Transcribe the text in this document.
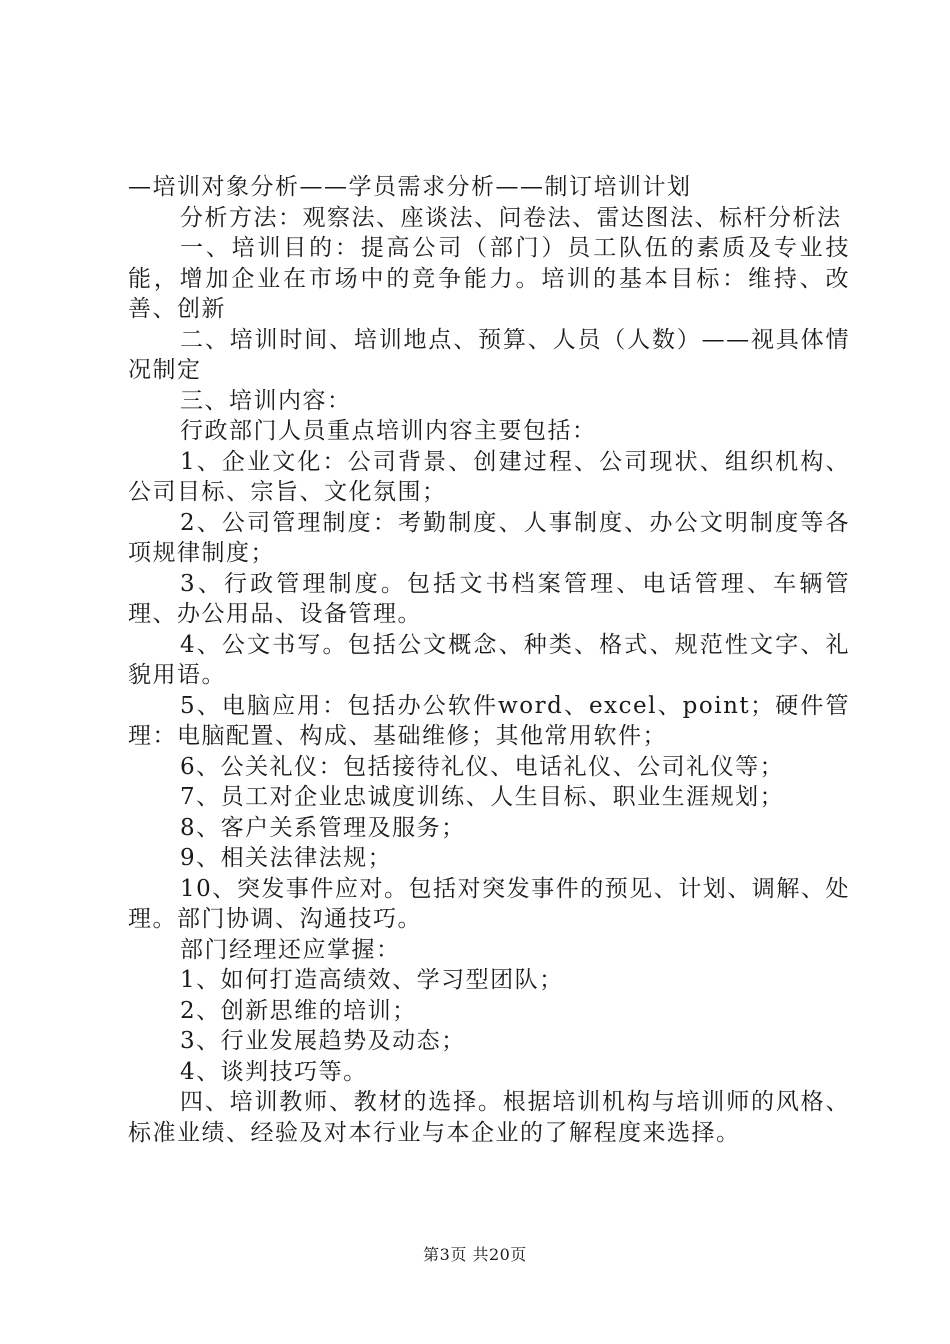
—培训对象分析——学员需求分析——制订培训计划

分析方法：观察法、座谈法、问卷法、雷达图法、标杆分析法

一、培训目的：提高公司（部门）员工队伍的素质及专业技能，增加企业在市场中的竞争能力。培训的基本目标：维持、改善、创新

二、培训时间、培训地点、预算、人员（人数）——视具体情况制定

三、培训内容：

行政部门人员重点培训内容主要包括：

1、企业文化：公司背景、创建过程、公司现状、组织机构、公司目标、宗旨、文化氛围；

2、公司管理制度：考勤制度、人事制度、办公文明制度等各项规律制度；

3、行政管理制度。包括文书档案管理、电话管理、车辆管理、办公用品、设备管理。

4、公文书写。包括公文概念、种类、格式、规范性文字、礼貌用语。

5、电脑应用：包括办公软件word、excel、point；硬件管理：电脑配置、构成、基础维修；其他常用软件；

6、公关礼仪：包括接待礼仪、电话礼仪、公司礼仪等；

7、员工对企业忠诚度训练、人生目标、职业生涯规划；

8、客户关系管理及服务；

9、相关法律法规；

10、突发事件应对。包括对突发事件的预见、计划、调解、处理。部门协调、沟通技巧。

部门经理还应掌握：

1、如何打造高绩效、学习型团队；

2、创新思维的培训；

3、行业发展趋势及动态；

4、谈判技巧等。

四、培训教师、教材的选择。根据培训机构与培训师的风格、标准业绩、经验及对本行业与本企业的了解程度来选择。

第3页 共20页
